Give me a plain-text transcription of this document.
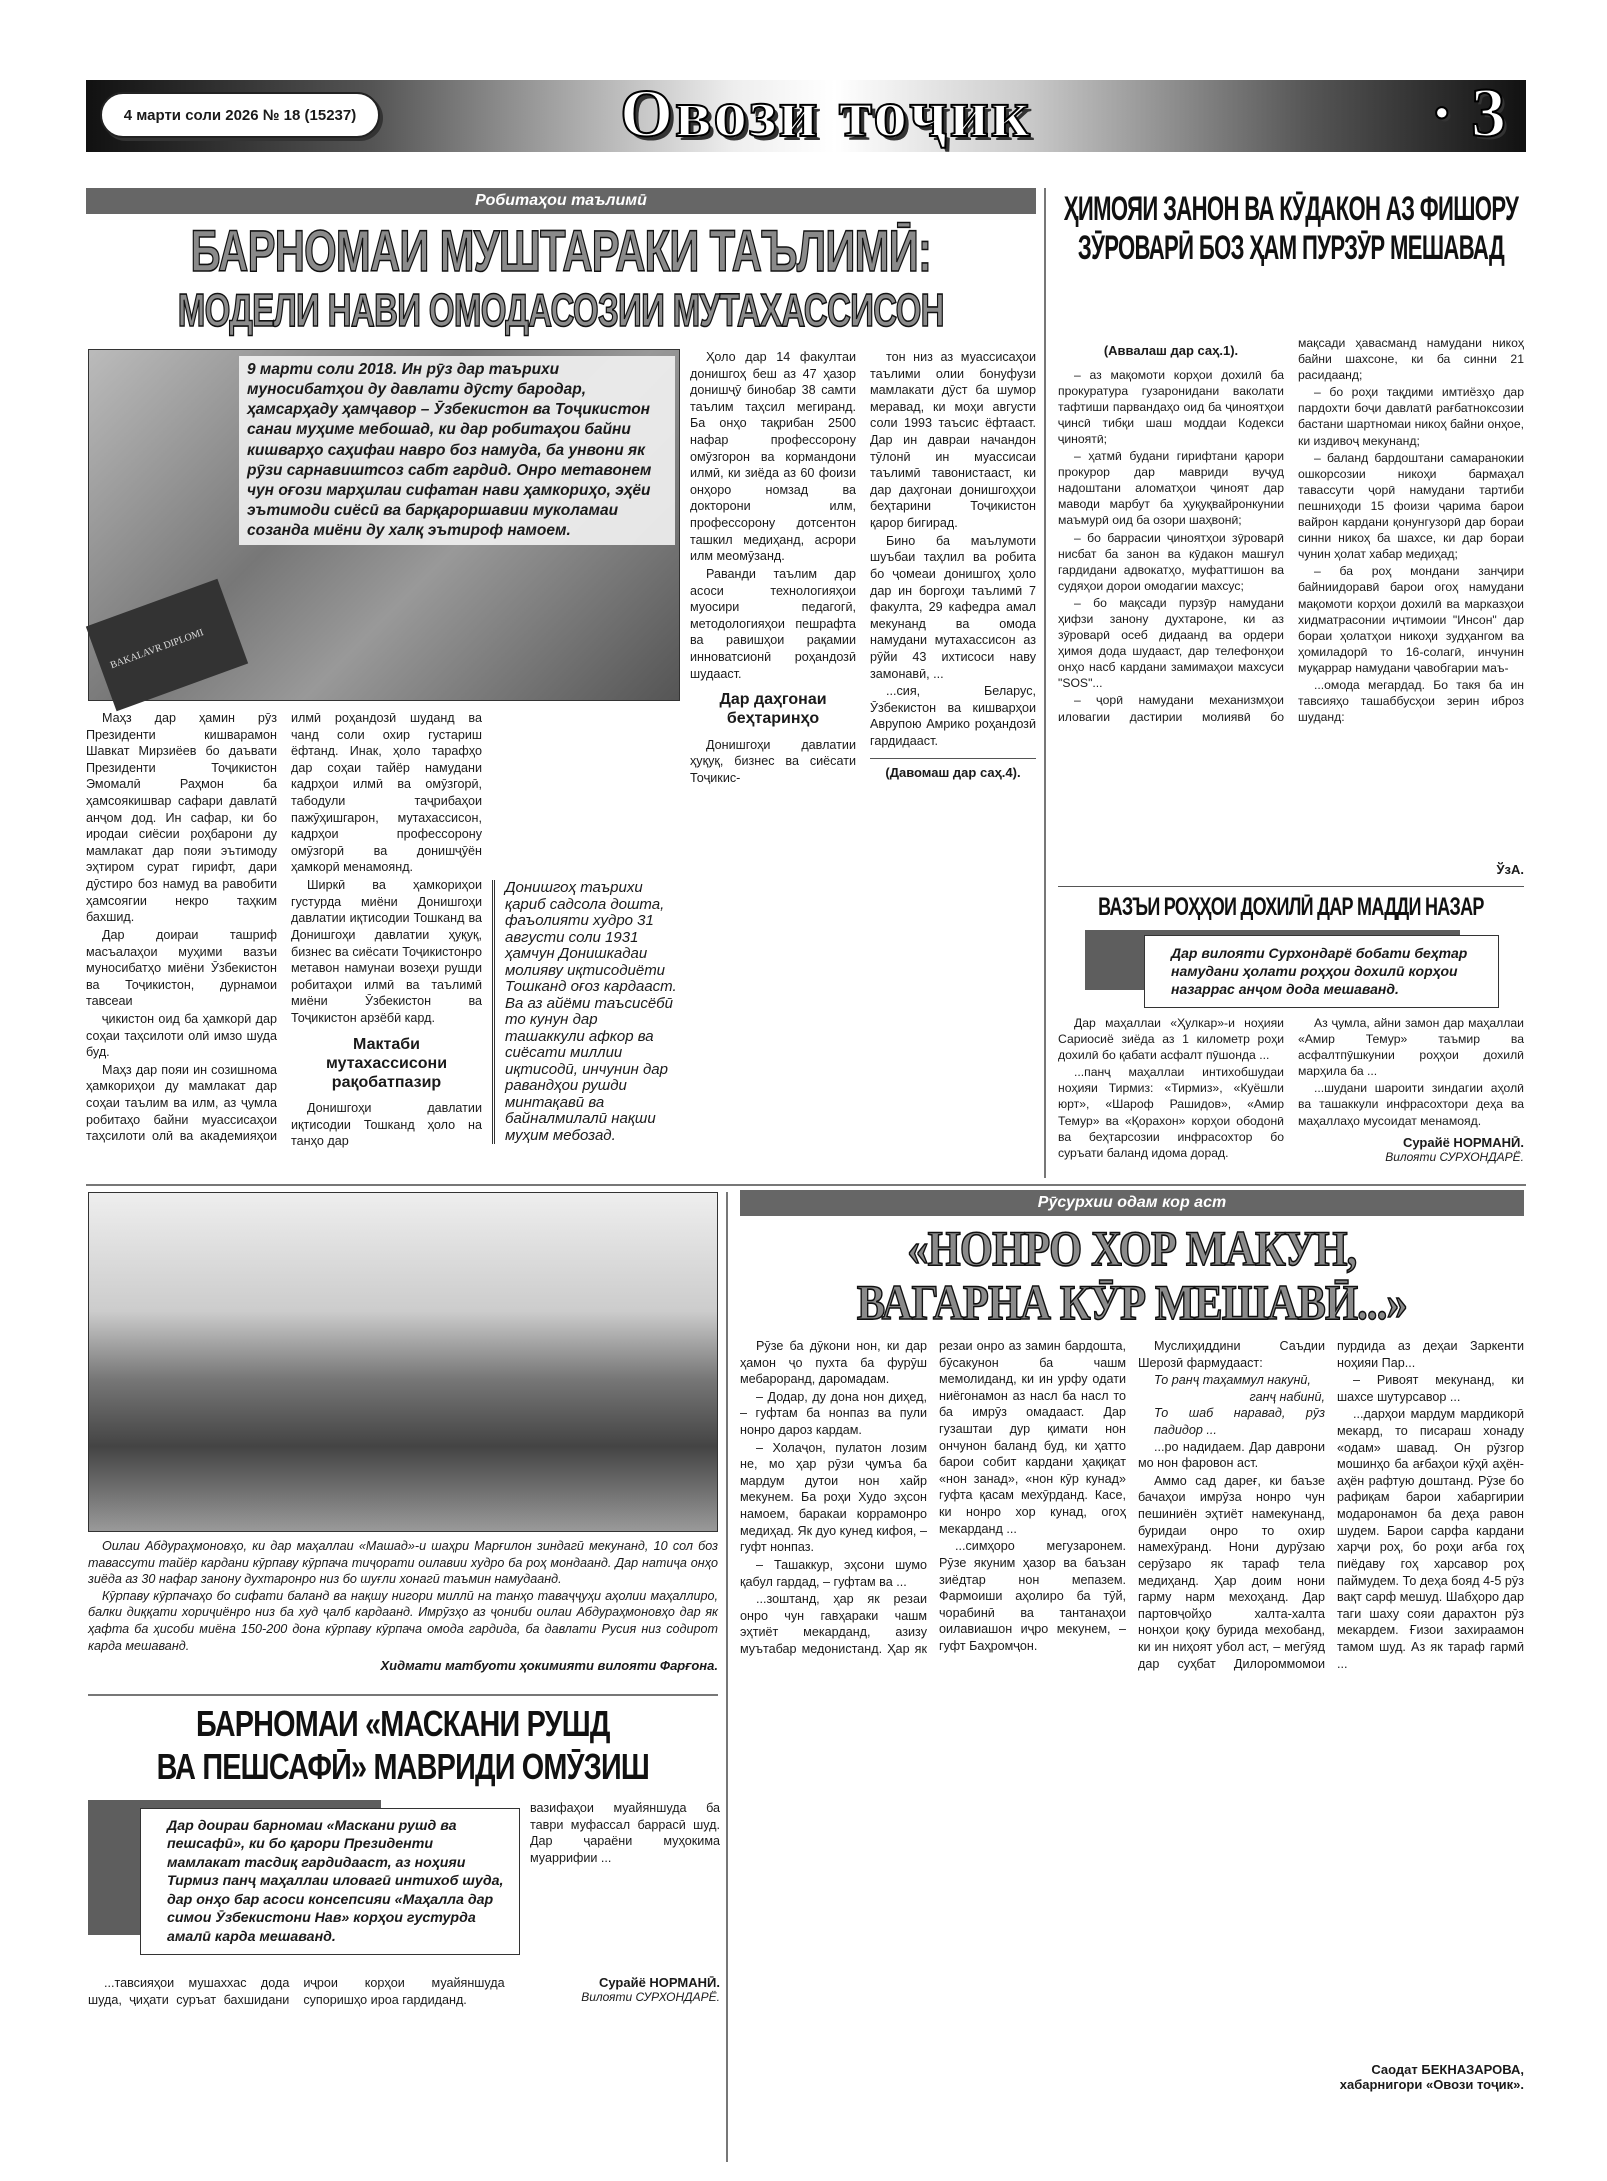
4 марти соли 2026 № 18 (15237)	Овози тоҷик	· 3
Робитаҳои таълимӣ
БАРНОМАИ МУШТАРАКИ ТАЪЛИМӢ:
МОДЕЛИ НАВИ ОМОДАСОЗИИ МУТАХАССИСОН
BAKALAVR DIPLOMI
9 марти соли 2018. Ин рӯз дар таърихи муносибатҳои ду давлати дӯсту бародар, ҳамсарҳаду ҳамҷавор – Ӯзбекистон ва Тоҷикистон санаи муҳиме мебошад, ки дар робитаҳои байни кишварҳо саҳифаи навро боз намуда, ба унвони як рӯзи сарнавиштсоз сабт гардид. Онро метавонем чун оғози марҳилаи сифатан нави ҳамкориҳо, эҳёи эътимоди сиёсӣ ва барқароршавии муколамаи созанда миёни ду халқ эътироф намоем.

Маҳз дар ҳамин рӯз Президенти кишварамон Шавкат Мирзиёев бо даъвати Президенти Тоҷикистон Эмомалӣ Раҳмон ба ҳамсоякишвар сафари давлатӣ анҷом дод. Ин сафар, ки бо иродаи сиёсии роҳбарони ду мамлакат дар пояи эътимоду эҳтиром сурат гирифт, дари дӯстиро боз намуд ва равобити ҳамсоягии некро таҳким бахшид.

Дар доираи ташриф масъалаҳои муҳими вазъи муносибатҳо миёни Ӯзбекистон ва Тоҷикистон, дурнамои тавсеаи

ҷикистон оид ба ҳамкорӣ дар соҳаи таҳсилоти олӣ имзо шуда буд.

Маҳз дар пояи ин созишнома ҳамкориҳои ду мамлакат дар соҳаи таълим ва илм, аз ҷумла робитаҳо байни муассисаҳои таҳсилоти олӣ ва академияҳои илмӣ роҳандозӣ шуданд ва чанд соли охир густариш ёфтанд. Инак, ҳоло тарафҳо дар соҳаи тайёр намудани кадрҳои илмӣ ва омӯзгорӣ, табодули таҷрибаҳои пажӯҳишгарон, мутахассисон, кадрҳои профессорону омӯзгорӣ ва донишҷӯён ҳамкорӣ менамоянд.

Ширкӣ ва ҳамкориҳои густурда миёни Донишгоҳи давлатии иқтисодии Тошканд ва Донишгоҳи давлатии ҳуқуқ, бизнес ва сиёсати Тоҷикистонро метавон намунаи возеҳи рушди робитаҳои илмӣ ва таълимӣ миёни Ӯзбекистон ва Тоҷикистон арзёбӣ кард.

Мактаби мутахассисони рақобатпазир

Донишгоҳи давлатии иқтисодии Тошканд ҳоло на танҳо дар

Донишгоҳ таърихи қариб садсола дошта, фаъолияти худро 31 августи соли 1931 ҳамчун Донишкадаи молияву иқтисодиёти Тошканд оғоз кардааст. Ва аз айёми таъсисёбӣ то кунун дар ташаккули афкор ва сиёсати миллии иқтисодӣ, инчунин дар равандҳои рушди минтақавӣ ва байналмилалӣ нақши муҳим мебозад.

Ҳоло дар 14 факултаи донишгоҳ беш аз 47 ҳазор донишҷӯ бинобар 38 самти таълим таҳсил мегиранд. Ба онҳо тақрибан 2500 нафар профессорону омӯзгорон ва кормандони илмӣ, ки зиёда аз 60 фоизи онҳоро номзад ва докторони илм, профессорону дотсентон ташкил медиҳанд, асрори илм меомӯзанд.

Раванди таълим дар асоси технологияҳои муосири педагогӣ, методологияҳои пешрафта ва равишҳои рақамии инноватсионӣ роҳандозӣ шудааст.

Дар даҳгонаи беҳтаринҳо

Донишгоҳи давлатии ҳуқуқ, бизнес ва сиёсати Тоҷикис-

тон низ аз муассисаҳои таълими олии бонуфузи мамлакати дӯст ба шумор меравад, ки моҳи августи соли 1993 таъсис ёфтааст. Дар ин давраи начандон тӯлонӣ ин муассисаи таълимӣ тавонистааст, ки дар даҳгонаи донишгоҳҳои беҳтарини Тоҷикистон қарор бигирад.

Бино ба маълумоти шуъбаи таҳлил ва робита бо ҷомеаи донишгоҳ ҳоло дар ин боргоҳи таълимӣ 7 факулта, 29 кафедра амал мекунанд ва омода намудани мутахассисон аз рӯйи 43 ихтисоси наву замонавӣ, ...

...сия, Беларус, Ӯзбекистон ва кишварҳои Аврупою Амрико роҳандозӣ гардидааст.

(Давомаш дар саҳ.4).
ҲИМОЯИ ЗАНОН ВА КӮДАКОН АЗ ФИШОРУ ЗӮРОВАРӢ БОЗ ҲАМ ПУРЗӮР МЕШАВАД
(Аввалаш дар саҳ.1).

– аз мақомоти корҳои дохилӣ ба прокуратура гузаронидани ваколати тафтиши парвандаҳо оид ба ҷиноятҳои ҷинсӣ тибқи шаш моддаи Кодекси ҷиноятӣ;

– ҳатмӣ будани гирифтани қарори прокурор дар мавриди вуҷуд надоштани аломатҳои ҷиноят дар маводи марбут ба ҳуқуқвайронкунии маъмурӣ оид ба озори шаҳвонӣ;

– бо баррасии ҷиноятҳои зӯроварӣ нисбат ба занон ва кӯдакон машғул гардидани адвокатҳо, муфаттишон ва судяҳои дорои омодагии махсус;

– бо мақсади пурзӯр намудани ҳифзи занону духтароне, ки аз зӯроварӣ осеб дидаанд ва ордери ҳимоя дода шудааст, дар телефонҳои онҳо насб кардани замимаҳои махсуси "SOS"...

– ҷорӣ намудани механизмҳои иловагии дастирии молиявӣ бо мақсади ҳавасманд намудани никоҳ байни шахсоне, ки ба синни 21 расидаанд;

– бо роҳи тақдими имтиёзҳо дар пардохти боҷи давлатӣ рағбатноксозии бастани шартномаи никоҳ байни онҳое, ки издивоҷ мекунанд;

– баланд бардоштани самаранокии ошкорсозии никоҳи бармаҳал тавассути ҷорӣ намудани тартиби пешниҳоди 15 фоизи ҷарима барои вайрон кардани қонунгузорӣ дар бораи синни никоҳ ба шахсе, ки дар бораи чунин ҳолат хабар медиҳад;

– ба роҳ мондани занҷири байниидоравӣ барои огоҳ намудани мақомоти корҳои дохилӣ ва марказҳои хидматрасонии иҷтимоии "Инсон" дар бораи ҳолатҳои никоҳи зудҳангом ва ҳомиладорӣ то 16-солагӣ, инчунин муқаррар намудани ҷавобгарии маъ-

...омода мегардад. Бо такя ба ин тавсияҳо ташаббусҳои зерин иброз шуданд:

ЎзА.
ВАЗЪИ РОҲҲОИ ДОХИЛӢ ДАР МАДДИ НАЗАР
Дар вилояти Сурхондарё бобати беҳтар намудани ҳолати роҳҳои дохилӣ корҳои назаррас анҷом дода мешаванд.

Дар маҳаллаи «Ҳулкар»-и ноҳияи Сариосиё зиёда аз 1 километр роҳи дохилӣ бо қабати асфалт пӯшонда ...

...панҷ маҳаллаи интихобшудаи ноҳияи Тирмиз: «Тирмиз», «Куёшли юрт», «Шароф Рашидов», «Амир Темур» ва «Қорахон» корҳои ободонӣ ва беҳтарсозии инфрасохтор бо суръати баланд идома дорад.

Аз ҷумла, айни замон дар маҳаллаи «Амир Темур» таъмир ва асфалтпӯшкунии роҳҳои дохилӣ марҳила ба ...

...шудани шароити зиндагии аҳолӣ ва ташаккули инфрасохтори деҳа ва маҳаллаҳо мусоидат менамояд.

Сурайё НОРМАНӢ.
Вилояти СУРХОНДАРЁ.

Оилаи Абдураҳмоновҳо, ки дар маҳаллаи «Машад»-и шаҳри Марғилон зиндагӣ мекунанд, 10 сол боз тавассути тайёр кардани кӯрпаву кӯрпача тиҷорати оилавии худро ба роҳ мондаанд. Дар натиҷа онҳо зиёда аз 30 нафар занону духтаронро низ бо шуғли хонагӣ таъмин намудаанд.

Кӯрпаву кӯрпачаҳо бо сифати баланд ва нақшу нигори миллӣ на танҳо таваҷҷуҳи аҳолии маҳаллиро, балки диққати хориҷиёнро низ ба худ ҷалб кардаанд. Имрӯзҳо аз ҷониби оилаи Абдураҳмоновҳо дар як ҳафта ба ҳисоби миёна 150-200 дона кӯрпаву кӯрпача омода гардида, ба давлати Русия низ содирот карда мешаванд.

Хидмати матбуоти ҳокимияти вилояти Фарғона.
БАРНОМАИ «МАСКАНИ РУШД
ВА ПЕШСАФӢ» МАВРИДИ ОМӮЗИШ
Дар доираи барномаи «Маскани рушд ва пешсафӣ», ки бо қарори Президенти мамлакат тасдиқ гардидааст, аз ноҳияи Тирмиз панҷ маҳаллаи иловагӣ интихоб шуда, дар онҳо бар асоси консепсияи «Маҳалла дар симои Ӯзбекистони Нав» корҳои густурда амалӣ карда мешаванд.

вазифаҳои муайяншуда ба таври муфассал баррасӣ шуд. Дар ҷараёни муҳокима муаррифии ...

...тавсияҳои мушаххас дода шуда, ҷиҳати суръат бахшидани иҷрои корҳои муайяншуда супоришҳо ироа гардиданд.

Сурайё НОРМАНӢ.
Вилояти СУРХОНДАРЁ.
Рӯсурхии одам кор аст
«НОНРО ХОР МАКУН,
ВАГАРНА КӮР МЕШАВӢ...»

Рӯзе ба дӯкони нон, ки дар ҳамон ҷо пухта ба фурӯш мебароранд, даромадам.

– Додар, ду дона нон диҳед, – гуфтам ба нонпаз ва пули нонро дароз кардам.

– Холаҷон, пулатон лозим не, мо ҳар рӯзи ҷумъа ба мардум дутои нон хайр мекунем. Ба роҳи Худо эҳсон намоем, баракаи коррамонро медиҳад. Як дуо кунед кифоя, – гуфт нонпаз.

– Ташаккур, эҳсони шумо қабул гардад, – гуфтам ва ...

...зоштанд, ҳар як резаи онро чун гавҳараки чашм эҳтиёт мекарданд, азизу муътабар медонистанд. Ҳар як резаи онро аз замин бардошта, бӯсакунон ба чашм мемолиданд, ки ин урфу одати ниёгонамон аз насл ба насл то ба имрӯз омадааст. Дар гузаштаи дур қимати нон ончунон баланд буд, ки ҳатто барои собит кардани ҳақиқат «нон занад», «нон кӯр кунад» гуфта қасам мехӯрданд. Касе, ки нонро хор кунад, огоҳ мекарданд ...

...симҳоро мегузаронем. Рӯзе якуним ҳазор ва баъзан зиёдтар нон мепазем. Фармоиши аҳолиро ба тӯй, чорабинӣ ва тантанаҳои оилавиашон иҷро мекунем, – гуфт Баҳромҷон.

Муслиҳиддини Саъдии Шерозӣ фармудааст:

То ранҷ таҳаммул накунӣ,
ганҷ набинӣ,
То шаб наравад, рӯз падидор ...

...ро надидаем. Дар даврони мо нон фаровон аст.

Аммо сад дареғ, ки баъзе бачаҳои имрӯза нонро чун пешиниён эҳтиёт намекунанд, буридаи онро то охир намехӯранд. Нони дурӯзаю серӯзаро як тараф тела медиҳанд. Ҳар доим нони гарму нарм мехоҳанд. Дар партовҷойҳо халта-халта нонҳои қоқу бурида мехобанд, ки ин ниҳоят убол аст, – мегӯяд дар суҳбат Дилороммомои пурдида аз деҳаи Заркенти ноҳияи Пар...

– Ривоят мекунанд, ки шахсе шутурсавор ...

...дарҳои мардум мардикорӣ мекард, то писараш хонаду «одам» шавад. Он рӯзгор мошинҳо ба ағбаҳои кӯҳӣ аҳён-аҳён рафтую доштанд. Рӯзе бо рафиқам барои хабаргирии модаронамон ба деҳа равон шудем. Барои сарфа кардани харҷи роҳ, бо роҳи ағба гоҳ пиёдаву гоҳ харсавор роҳ паймудем. То деҳа бояд 4-5 рӯз вақт сарф мешуд. Шабҳоро дар таги шаху сояи дарахтон рӯз мекардем. Ғизои захираамон тамом шуд. Аз як тараф гармӣ ...

Саодат БЕКНАЗАРОВА,
хабарнигори «Овози тоҷик».
